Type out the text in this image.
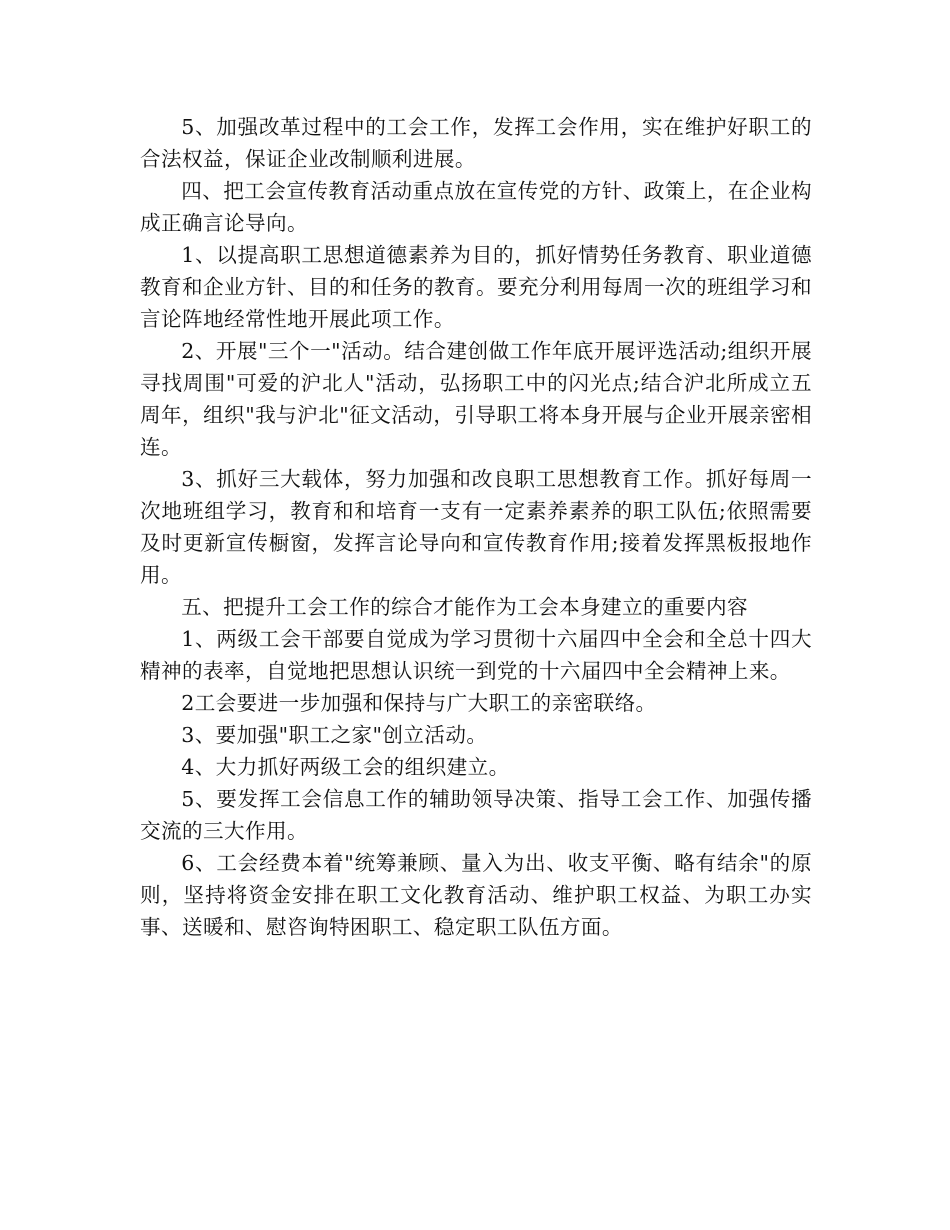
5、加强改革过程中的工会工作，发挥工会作用，实在维护好职工的合法权益，保证企业改制顺利进展。

四、把工会宣传教育活动重点放在宣传党的方针、政策上，在企业构成正确言论导向。

1、以提高职工思想道德素养为目的，抓好情势任务教育、职业道德教育和企业方针、目的和任务的教育。要充分利用每周一次的班组学习和言论阵地经常性地开展此项工作。

2、开展"三个一"活动。结合建创做工作年底开展评选活动;组织开展寻找周围"可爱的沪北人"活动，弘扬职工中的闪光点;结合沪北所成立五周年，组织"我与沪北"征文活动，引导职工将本身开展与企业开展亲密相连。

3、抓好三大载体，努力加强和改良职工思想教育工作。抓好每周一次地班组学习，教育和和培育一支有一定素养素养的职工队伍;依照需要及时更新宣传橱窗，发挥言论导向和宣传教育作用;接着发挥黑板报地作用。

五、把提升工会工作的综合才能作为工会本身建立的重要内容

1、两级工会干部要自觉成为学习贯彻十六届四中全会和全总十四大精神的表率，自觉地把思想认识统一到党的十六届四中全会精神上来。

2工会要进一步加强和保持与广大职工的亲密联络。

3、要加强"职工之家"创立活动。

4、大力抓好两级工会的组织建立。

5、要发挥工会信息工作的辅助领导决策、指导工会工作、加强传播交流的三大作用。

6、工会经费本着"统筹兼顾、量入为出、收支平衡、略有结余"的原则，坚持将资金安排在职工文化教育活动、维护职工权益、为职工办实事、送暖和、慰咨询特困职工、稳定职工队伍方面。
